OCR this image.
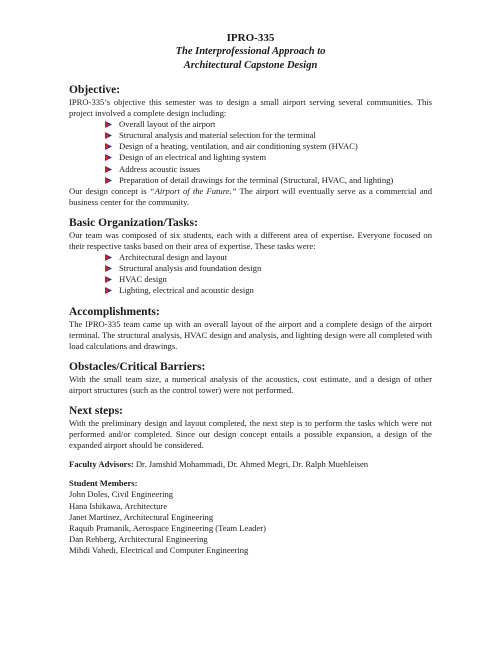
IPRO-335
The Interprofessional Approach to
Architectural Capstone Design
Objective:

IPRO-335’s objective this semester was to design a small airport serving several communities. This project involved a complete design including:

Overall layout of the airport
Structural analysis and material selection for the terminal
Design of a heating, ventilation, and air conditioning system (HVAC)
Design of an electrical and lighting system
Address acoustic issues
Preparation of detail drawings for the terminal (Structural, HVAC, and lighting)

Our design concept is “Airport of the Future.” The airport will eventually serve as a commercial and business center for the community.

Basic Organization/Tasks:

Our team was composed of six students, each with a different area of expertise. Everyone focused on their respective tasks based on their area of expertise. These tasks were:

Architectural design and layout
Structural analysis and foundation design
HVAC design
Lighting, electrical and acoustic design
Accomplishments:

The IPRO-335 team came up with an overall layout of the airport and a complete design of the airport terminal. The structural analysis, HVAC design and analysis, and lighting design were all completed with load calculations and drawings.

Obstacles/Critical Barriers:

With the small team size, a numerical analysis of the acoustics, cost estimate, and a design of other airport structures (such as the control tower) were not performed.

Next steps:

With the preliminary design and layout completed, the next step is to perform the tasks which were not performed and/or completed. Since our design concept entails a possible expansion, a design of the expanded airport should be considered.

Faculty Advisors: Dr. Jamshid Mohammadi, Dr. Ahmed Megri, Dr. Ralph Muehleisen
Student Members:
John Doles, Civil Engineering
Hana Ishikawa, Architecture
Janet Martinez, Architectural Engineering
Raquib Pramanik, Aerospace Engineering (Team Leader)
Dan Rehberg, Architectural Engineering
Mihdi Vahedi, Electrical and Computer Engineering
